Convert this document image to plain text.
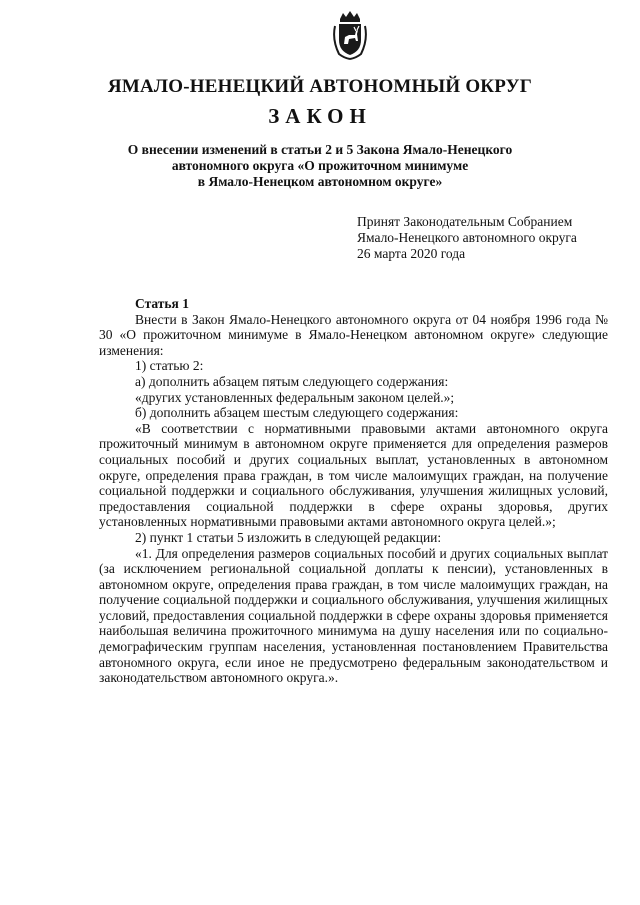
ЯМАЛО-НЕНЕЦКИЙ АВТОНОМНЫЙ ОКРУГ
ЗАКОН
О внесении изменений в статьи 2 и 5 Закона Ямало-Ненецкого
автономного округа «О прожиточном минимуме
в Ямало-Ненецком автономном округе»
Принят Законодательным Собранием
Ямало-Ненецкого автономного округа
26 марта 2020 года
Статья 1

Внести в Закон Ямало-Ненецкого автономного округа от 04 ноября 1996 года № 30 «О прожиточном минимуме в Ямало-Ненецком автономном округе» следующие изменения:

1) статью 2:

а) дополнить абзацем пятым следующего содержания:

«других установленных федеральным законом целей.»;

б) дополнить абзацем шестым следующего содержания:

«В соответствии с нормативными правовыми актами автономного округа прожиточный минимум в автономном округе применяется для определения размеров социальных пособий и других социальных выплат, установленных в автономном округе, определения права граждан, в том числе малоимущих граждан, на получение социальной поддержки и социального обслуживания, улучшения жилищных условий, предоставления социальной поддержки в сфере охраны здоровья, других установленных нормативными правовыми актами автономного округа целей.»;

2) пункт 1 статьи 5 изложить в следующей редакции:

«1. Для определения размеров социальных пособий и других социальных выплат (за исключением региональной социальной доплаты к пенсии), установленных в автономном округе, определения права граждан, в том числе малоимущих граждан, на получение социальной поддержки и социального обслуживания, улучшения жилищных условий, предоставления социальной поддержки в сфере охраны здоровья применяется наибольшая величина прожиточного минимума на душу населения или по социально-демографическим группам населения, установленная постановлением Правительства автономного округа, если иное не предусмотрено федеральным законодательством и законодательством автономного округа.».
